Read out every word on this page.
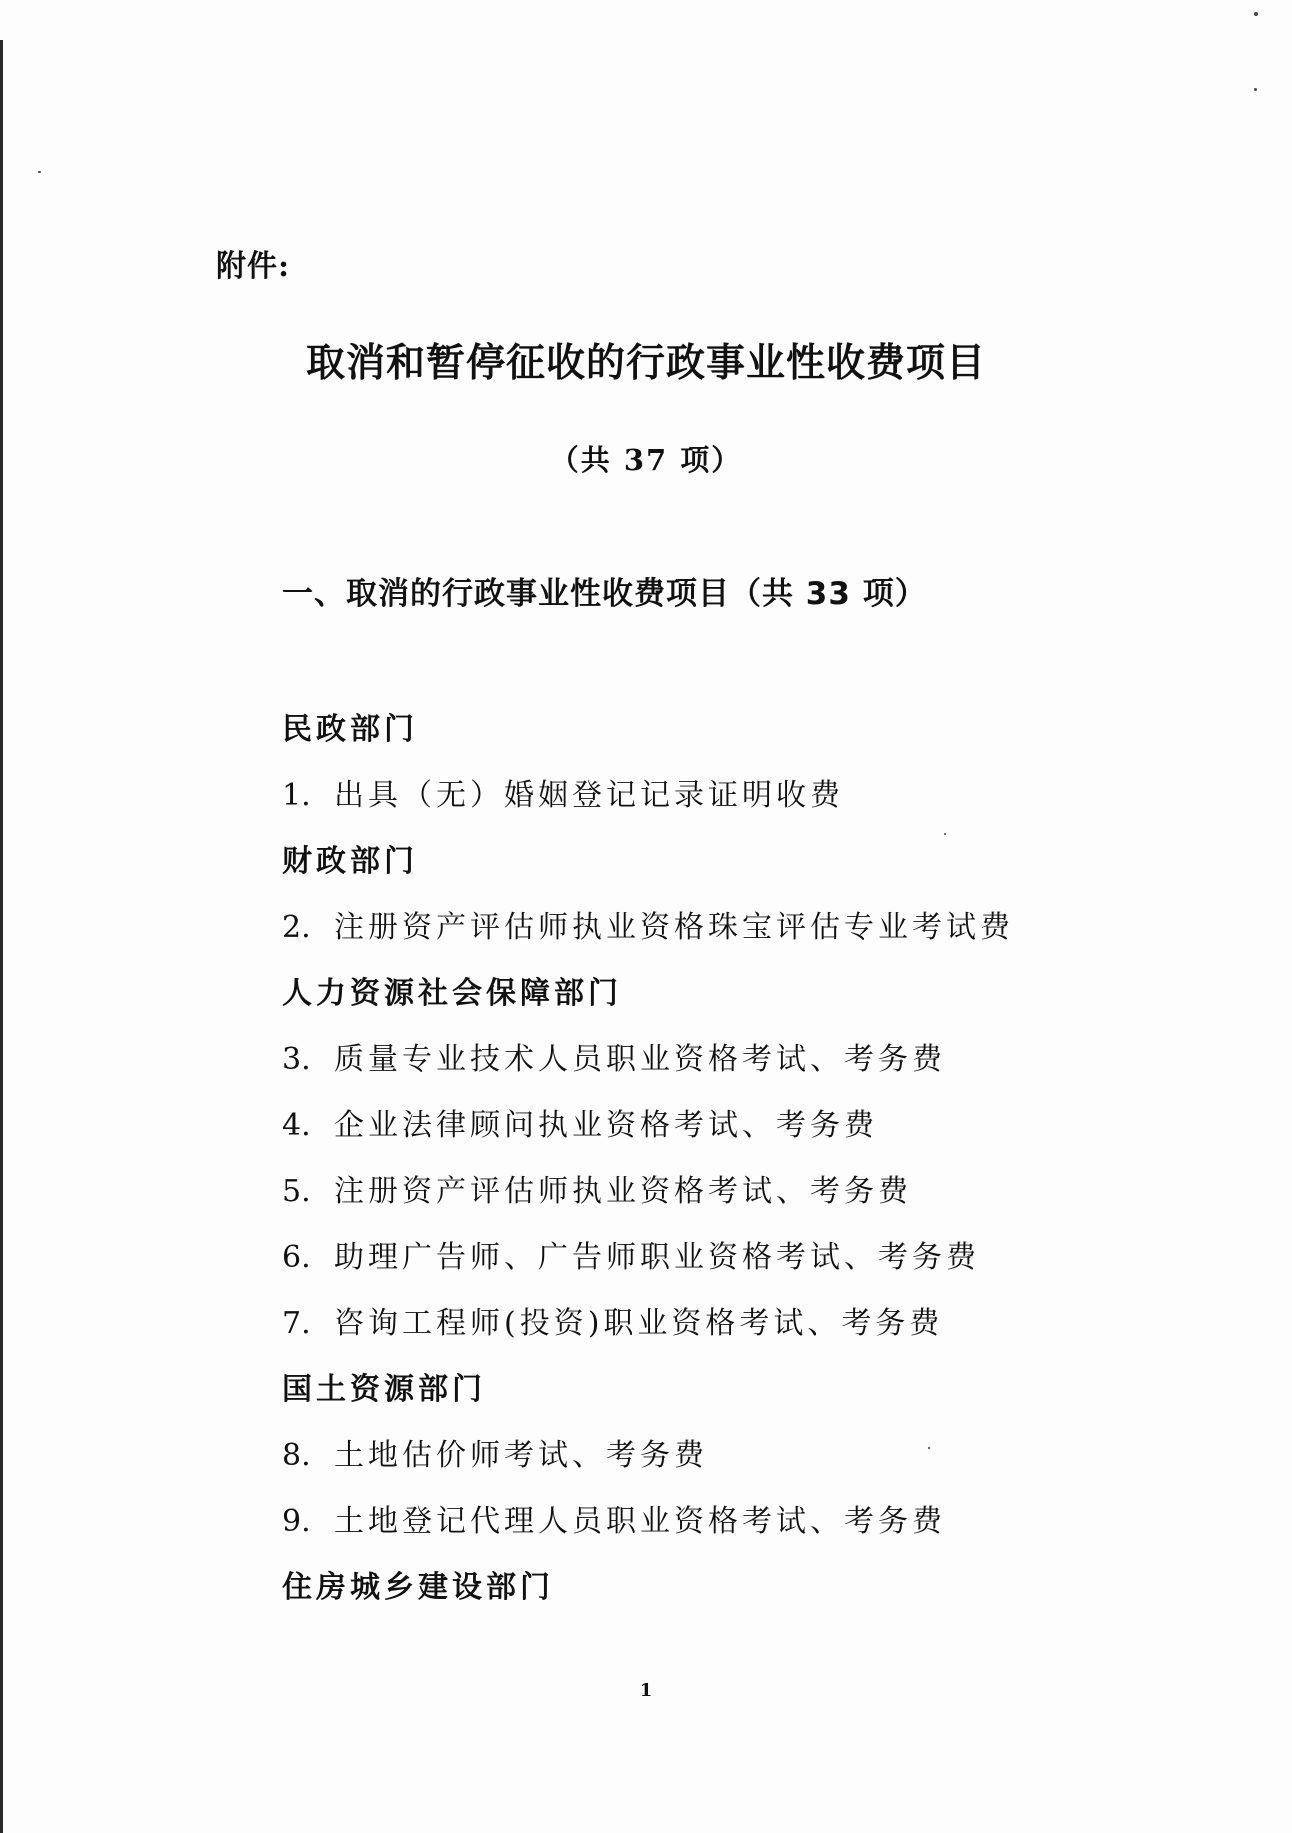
附件:
取消和暂停征收的行政事业性收费项目
（共 37 项）
一、取消的行政事业性收费项目（共 33 项）
民政部门
1. 出具（无）婚姻登记记录证明收费
财政部门
2. 注册资产评估师执业资格珠宝评估专业考试费
人力资源社会保障部门
3. 质量专业技术人员职业资格考试、考务费
4. 企业法律顾问执业资格考试、考务费
5. 注册资产评估师执业资格考试、考务费
6. 助理广告师、广告师职业资格考试、考务费
7. 咨询工程师(投资)职业资格考试、考务费
国土资源部门
8. 土地估价师考试、考务费
9. 土地登记代理人员职业资格考试、考务费
住房城乡建设部门
1
